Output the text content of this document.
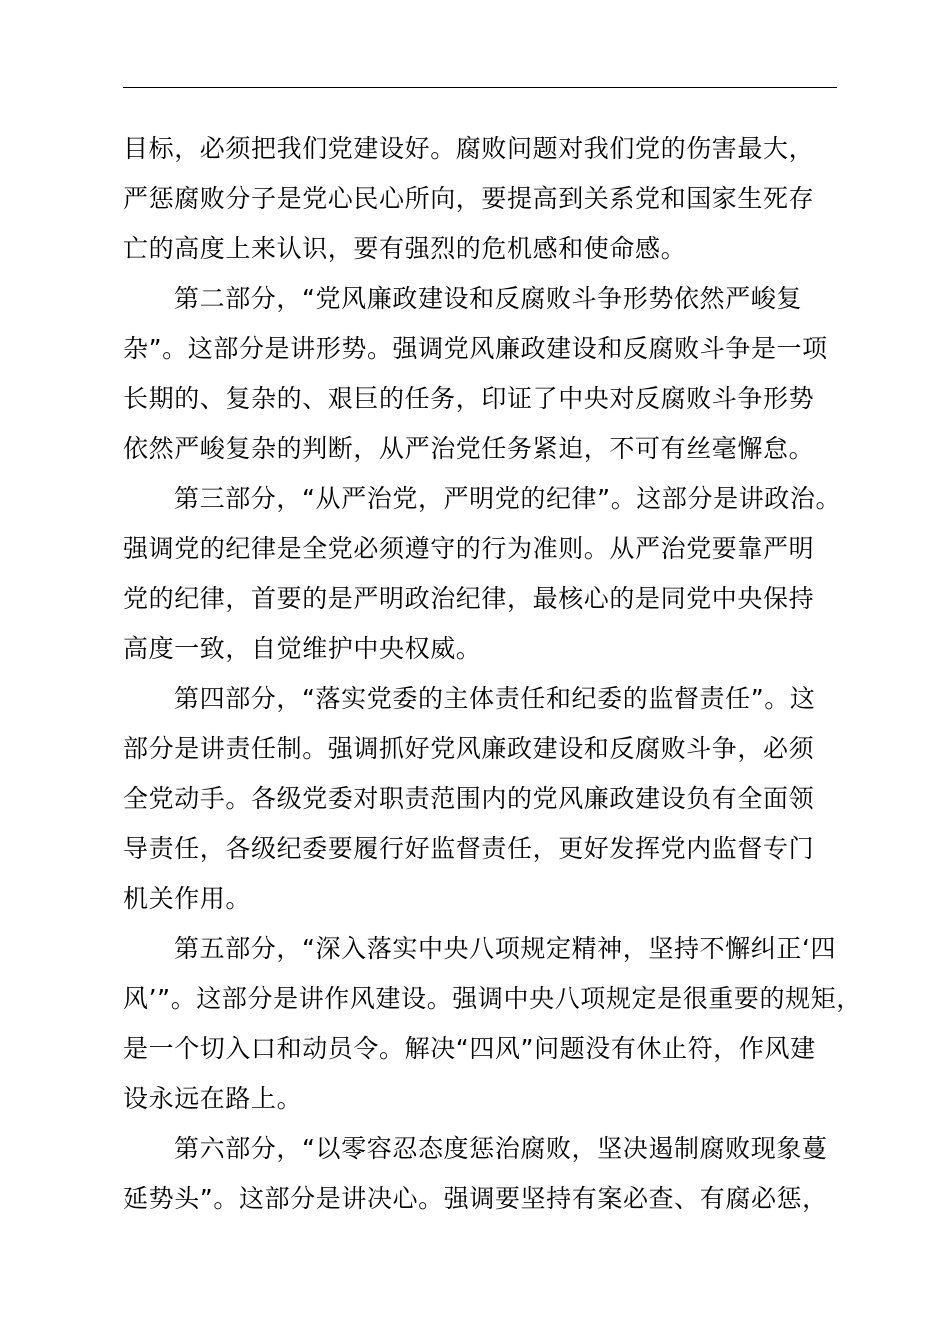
目标，必须把我们党建设好。腐败问题对我们党的伤害最大，
严惩腐败分子是党心民心所向，要提高到关系党和国家生死存
亡的高度上来认识，要有强烈的危机感和使命感。
第二部分，“党风廉政建设和反腐败斗争形势依然严峻复
杂”。这部分是讲形势。强调党风廉政建设和反腐败斗争是一项
长期的、复杂的、艰巨的任务，印证了中央对反腐败斗争形势
依然严峻复杂的判断，从严治党任务紧迫，不可有丝毫懈怠。
第三部分，“从严治党，严明党的纪律”。这部分是讲政治。
强调党的纪律是全党必须遵守的行为准则。从严治党要靠严明
党的纪律，首要的是严明政治纪律，最核心的是同党中央保持
高度一致，自觉维护中央权威。
第四部分，“落实党委的主体责任和纪委的监督责任”。这
部分是讲责任制。强调抓好党风廉政建设和反腐败斗争，必须
全党动手。各级党委对职责范围内的党风廉政建设负有全面领
导责任，各级纪委要履行好监督责任，更好发挥党内监督专门
机关作用。
第五部分，“深入落实中央八项规定精神，坚持不懈纠正‘四
风’”。这部分是讲作风建设。强调中央八项规定是很重要的规矩，
是一个切入口和动员令。解决“四风”问题没有休止符，作风建
设永远在路上。
第六部分，“以零容忍态度惩治腐败，坚决遏制腐败现象蔓
延势头”。这部分是讲决心。强调要坚持有案必查、有腐必惩，
